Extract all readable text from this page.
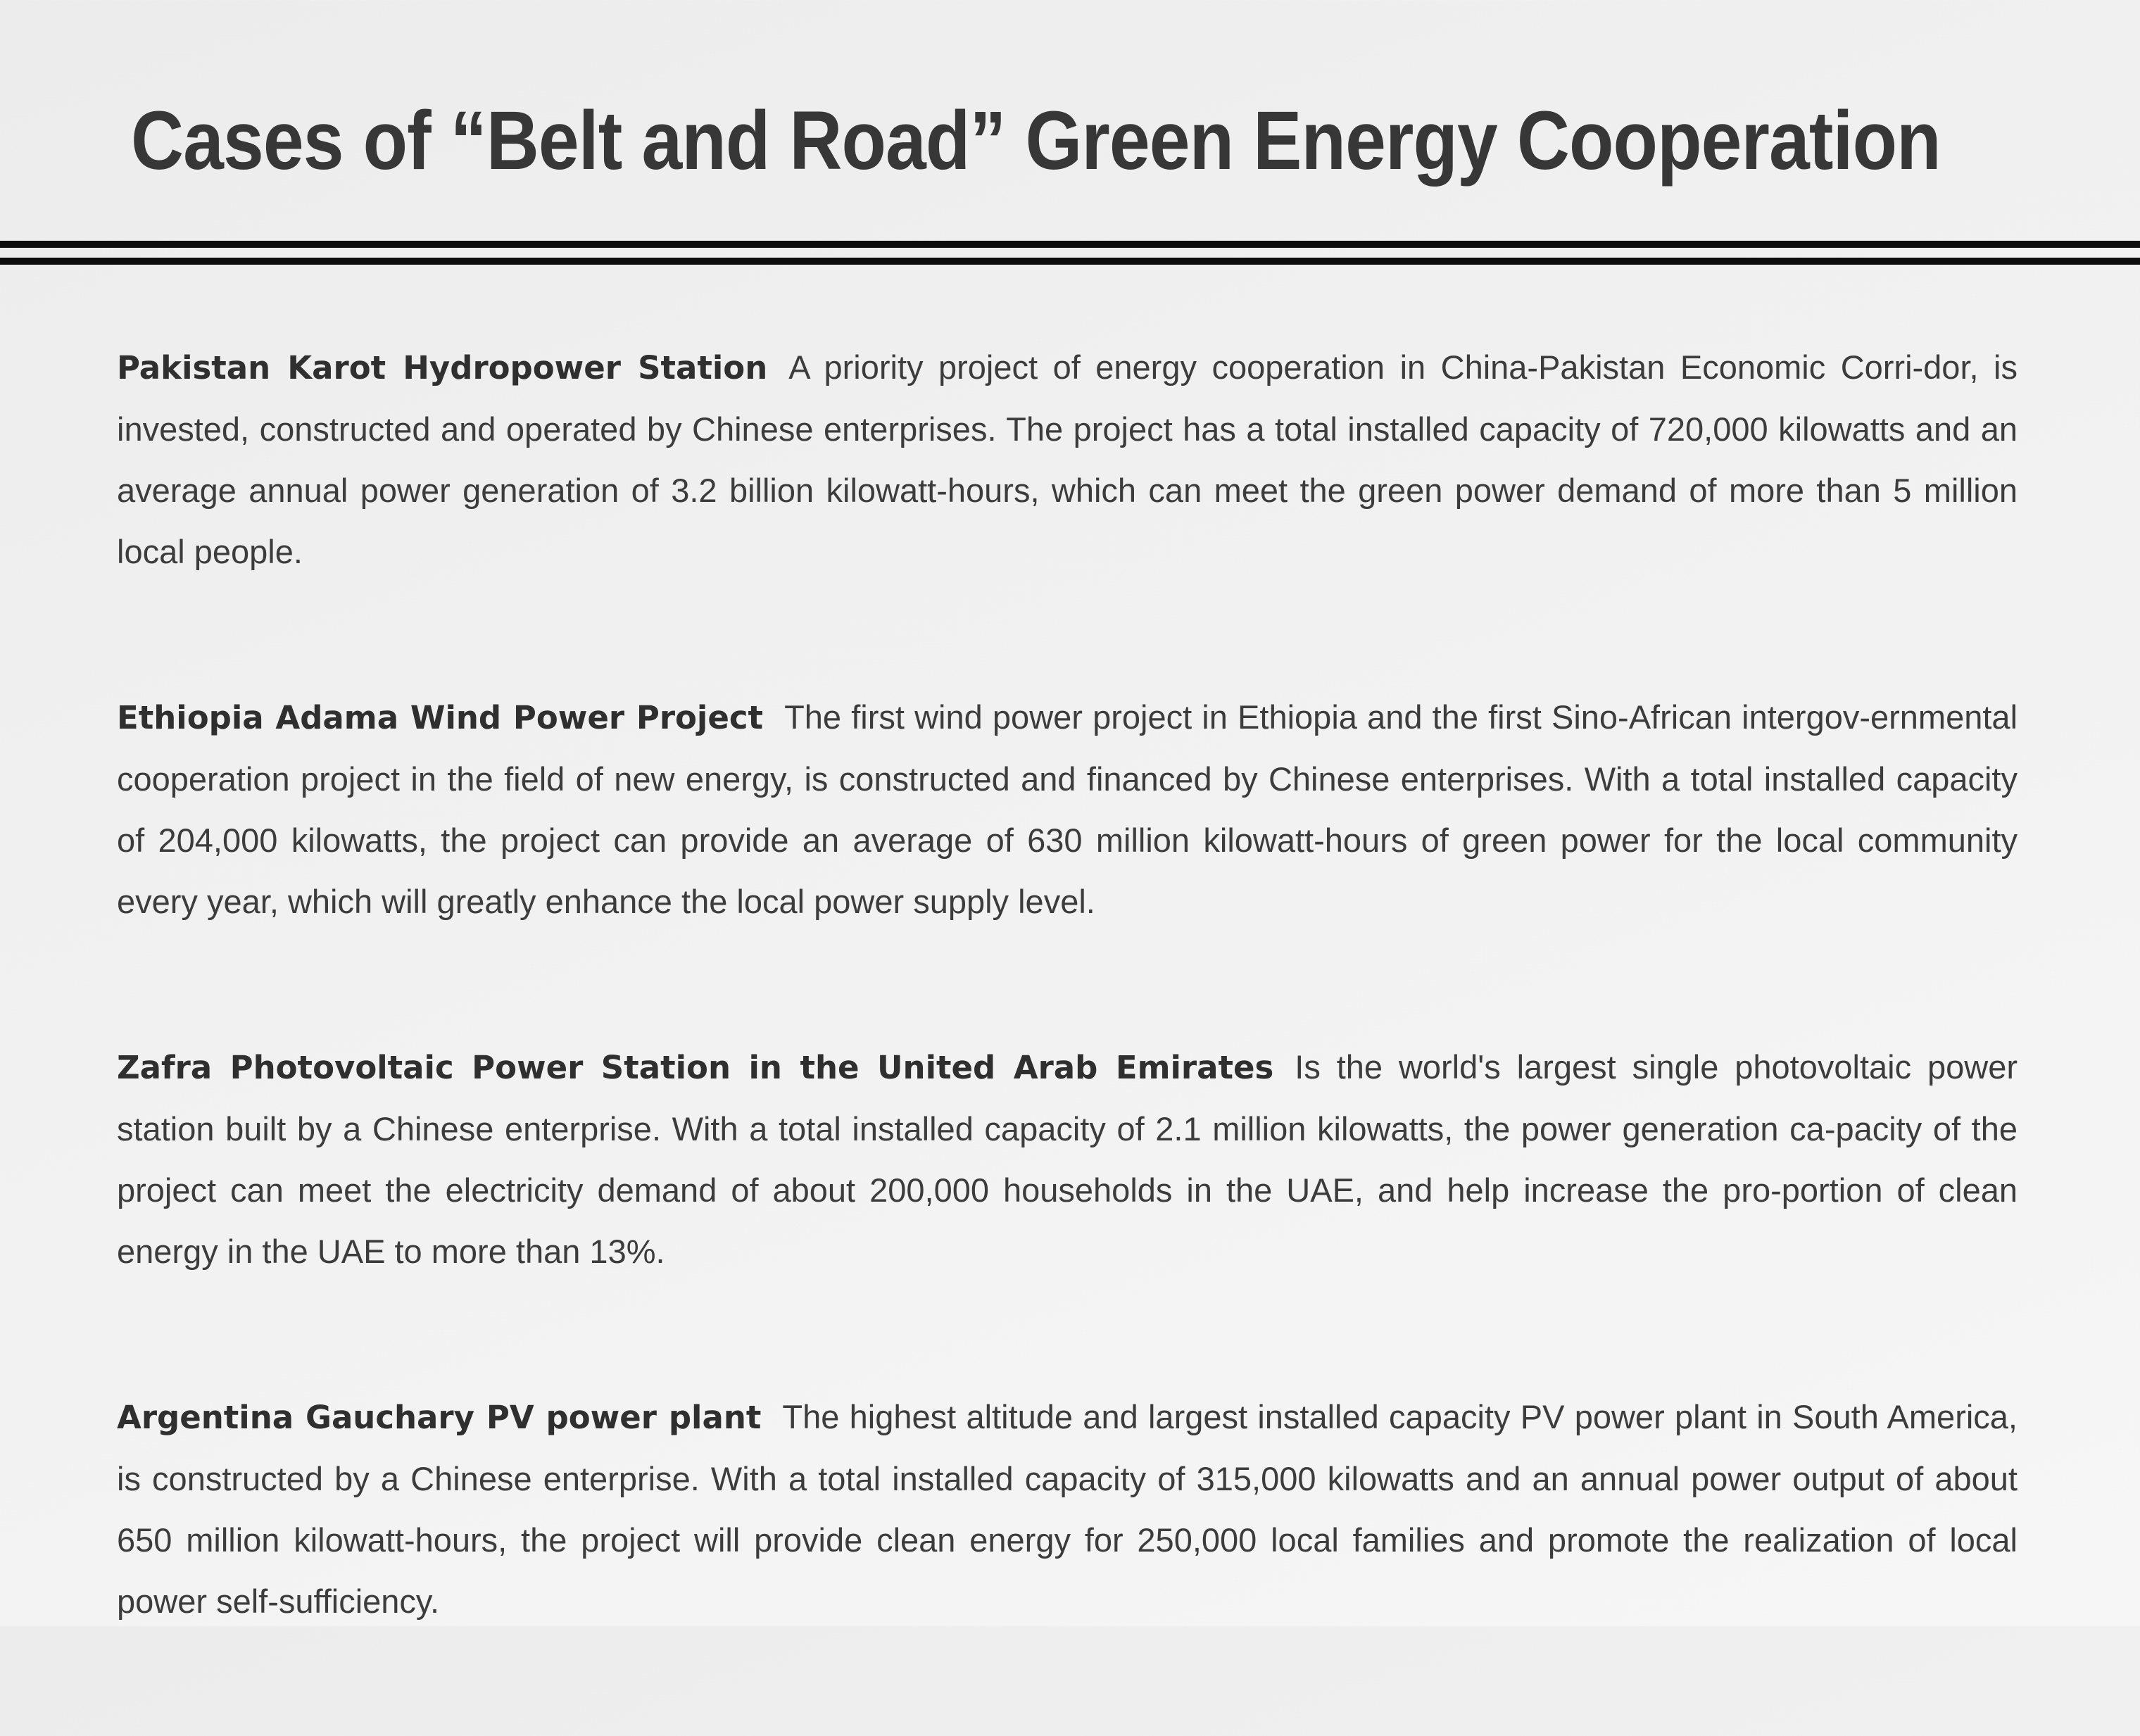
Cases of “Belt and Road” Green Energy Cooperation

Pakistan Karot Hydropower Station A priority project of energy cooperation in China-Pakistan Economic Corri-dor, is invested, constructed and operated by Chinese enterprises. The project has a total installed capacity of 720,000 kilowatts and an average annual power generation of 3.2 billion kilowatt-hours, which can meet the green power demand of more than 5 million local people.

Ethiopia Adama Wind Power Project The first wind power project in Ethiopia and the first Sino-African intergov-ernmental cooperation project in the field of new energy, is constructed and financed by Chinese enterprises. With a total installed capacity of 204,000 kilowatts, the project can provide an average of 630 million kilowatt-hours of green power for the local community every year, which will greatly enhance the local power supply level.

Zafra Photovoltaic Power Station in the United Arab Emirates Is the world's largest single photovoltaic power station built by a Chinese enterprise. With a total installed capacity of 2.1 million kilowatts, the power generation ca-pacity of the project can meet the electricity demand of about 200,000 households in the UAE, and help increase the pro-portion of clean energy in the UAE to more than 13%.

Argentina Gauchary PV power plant The highest altitude and largest installed capacity PV power plant in South America, is constructed by a Chinese enterprise. With a total installed capacity of 315,000 kilowatts and an annual power output of about 650 million kilowatt-hours, the project will provide clean energy for 250,000 local families and promote the realization of local power self-sufficiency.
